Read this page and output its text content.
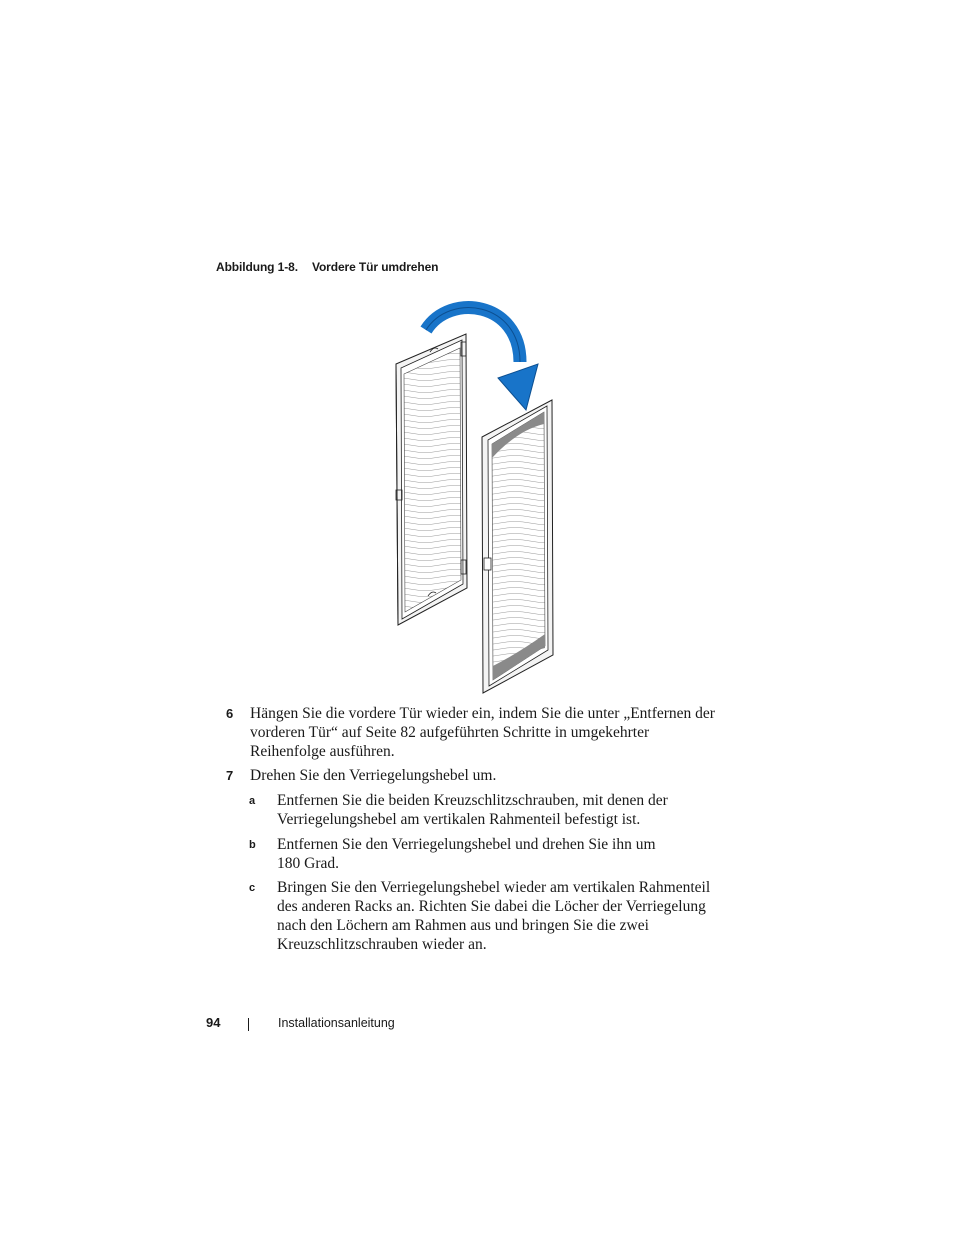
Abbildung 1-8. Vordere Tür umdrehen
6 Hängen Sie die vordere Tür wieder ein, indem Sie die unter „Entfernen der vorderen Tür“ auf Seite 82 aufgeführten Schritte in umgekehrter Reihenfolge ausführen.
7 Drehen Sie den Verriegelungshebel um.
a Entfernen Sie die beiden Kreuzschlitzschrauben, mit denen der Verriegelungshebel am vertikalen Rahmenteil befestigt ist.
b Entfernen Sie den Verriegelungshebel und drehen Sie ihn um 180 Grad.
c Bringen Sie den Verriegelungshebel wieder am vertikalen Rahmenteil des anderen Racks an. Richten Sie dabei die Löcher der Verriegelung nach den Löchern am Rahmen aus und bringen Sie die zwei Kreuzschlitzschrauben wieder an.
94	Installationsanleitung
